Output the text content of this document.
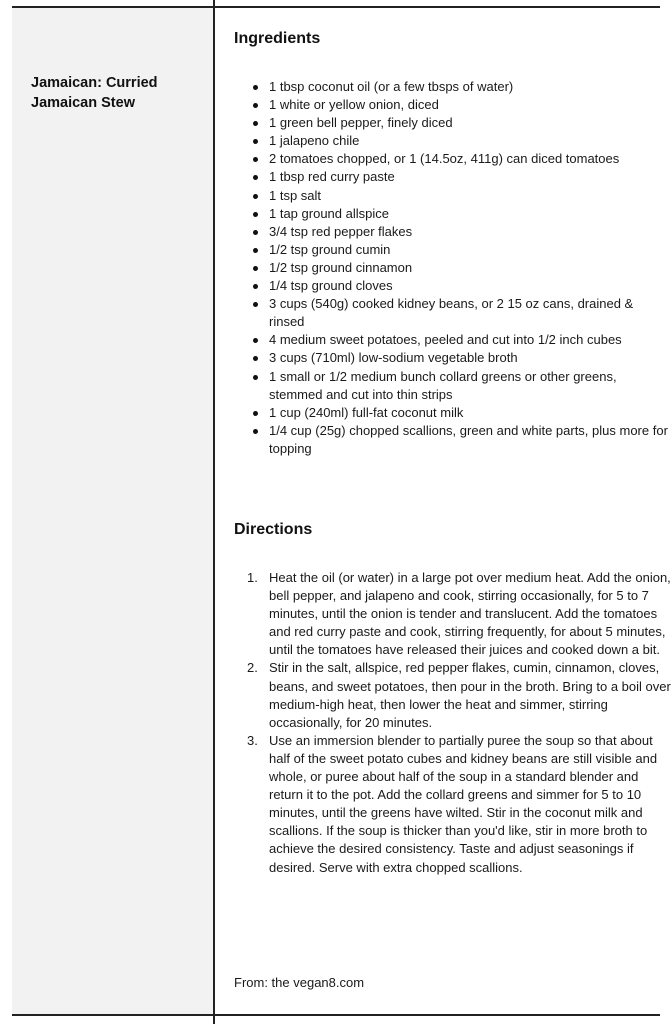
Jamaican: Curried Jamaican Stew
Ingredients
1 tbsp coconut oil (or a few tbsps of water)
1 white or yellow onion, diced
1 green bell pepper, finely diced
1 jalapeno chile
2 tomatoes chopped, or 1 (14.5oz, 411g) can diced tomatoes
1 tbsp red curry paste
1 tsp salt
1 tap ground allspice
3/4 tsp red pepper flakes
1/2 tsp ground cumin
1/2 tsp ground cinnamon
1/4 tsp ground cloves
3 cups (540g) cooked kidney beans, or 2 15 oz cans, drained & rinsed
4 medium sweet potatoes, peeled and cut into 1/2 inch cubes
3 cups (710ml) low-sodium vegetable broth
1 small or 1/2 medium bunch collard greens or other greens, stemmed and cut into thin strips
1 cup (240ml) full-fat coconut milk
1/4 cup (25g) chopped scallions, green and white parts, plus more for topping
Directions
1. Heat the oil (or water) in a large pot over medium heat. Add the onion, bell pepper, and jalapeno and cook, stirring occasionally, for 5 to 7 minutes, until the onion is tender and translucent. Add the tomatoes and red curry paste and cook, stirring frequently, for about 5 minutes, until the tomatoes have released their juices and cooked down a bit.
2. Stir in the salt, allspice, red pepper flakes, cumin, cinnamon, cloves, beans, and sweet potatoes, then pour in the broth. Bring to a boil over medium-high heat, then lower the heat and simmer, stirring occasionally, for 20 minutes.
3. Use an immersion blender to partially puree the soup so that about half of the sweet potato cubes and kidney beans are still visible and whole, or puree about half of the soup in a standard blender and return it to the pot. Add the collard greens and simmer for 5 to 10 minutes, until the greens have wilted. Stir in the coconut milk and scallions. If the soup is thicker than you'd like, stir in more broth to achieve the desired consistency. Taste and adjust seasonings if desired. Serve with extra chopped scallions.
From: the vegan8.com
